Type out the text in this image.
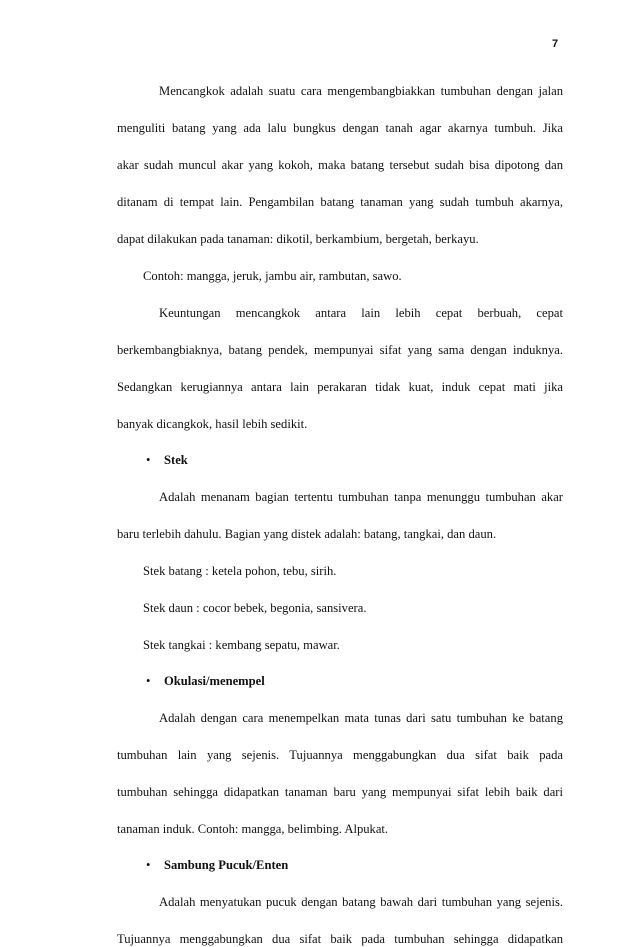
7
Mencangkok adalah suatu cara mengembangbiakkan tumbuhan dengan jalan
menguliti batang yang ada lalu bungkus dengan tanah agar akarnya tumbuh. Jika
akar sudah muncul akar yang kokoh, maka batang tersebut sudah bisa dipotong dan
ditanam di tempat lain. Pengambilan batang tanaman yang sudah tumbuh akarnya,
dapat dilakukan pada tanaman: dikotil, berkambium, bergetah, berkayu.
Contoh: mangga, jeruk, jambu air, rambutan, sawo.
Keuntungan mencangkok antara lain lebih cepat berbuah, cepat
berkembangbiaknya, batang pendek, mempunyai sifat yang sama dengan induknya.
Sedangkan kerugiannya antara lain perakaran tidak kuat, induk cepat mati jika
banyak dicangkok, hasil lebih sedikit.
• Stek
Adalah menanam bagian tertentu tumbuhan tanpa menunggu tumbuhan akar
baru terlebih dahulu. Bagian yang distek adalah: batang, tangkai, dan daun.
Stek batang : ketela pohon, tebu, sirih.
Stek daun : cocor bebek, begonia, sansivera.
Stek tangkai : kembang sepatu, mawar.
• Okulasi/menempel
Adalah dengan cara menempelkan mata tunas dari satu tumbuhan ke batang
tumbuhan lain yang sejenis. Tujuannya menggabungkan dua sifat baik pada
tumbuhan sehingga didapatkan tanaman baru yang mempunyai sifat lebih baik dari
tanaman induk. Contoh: mangga, belimbing. Alpukat.
• Sambung Pucuk/Enten
Adalah menyatukan pucuk dengan batang bawah dari tumbuhan yang sejenis.
Tujuannya menggabungkan dua sifat baik pada tumbuhan sehingga didapatkan
